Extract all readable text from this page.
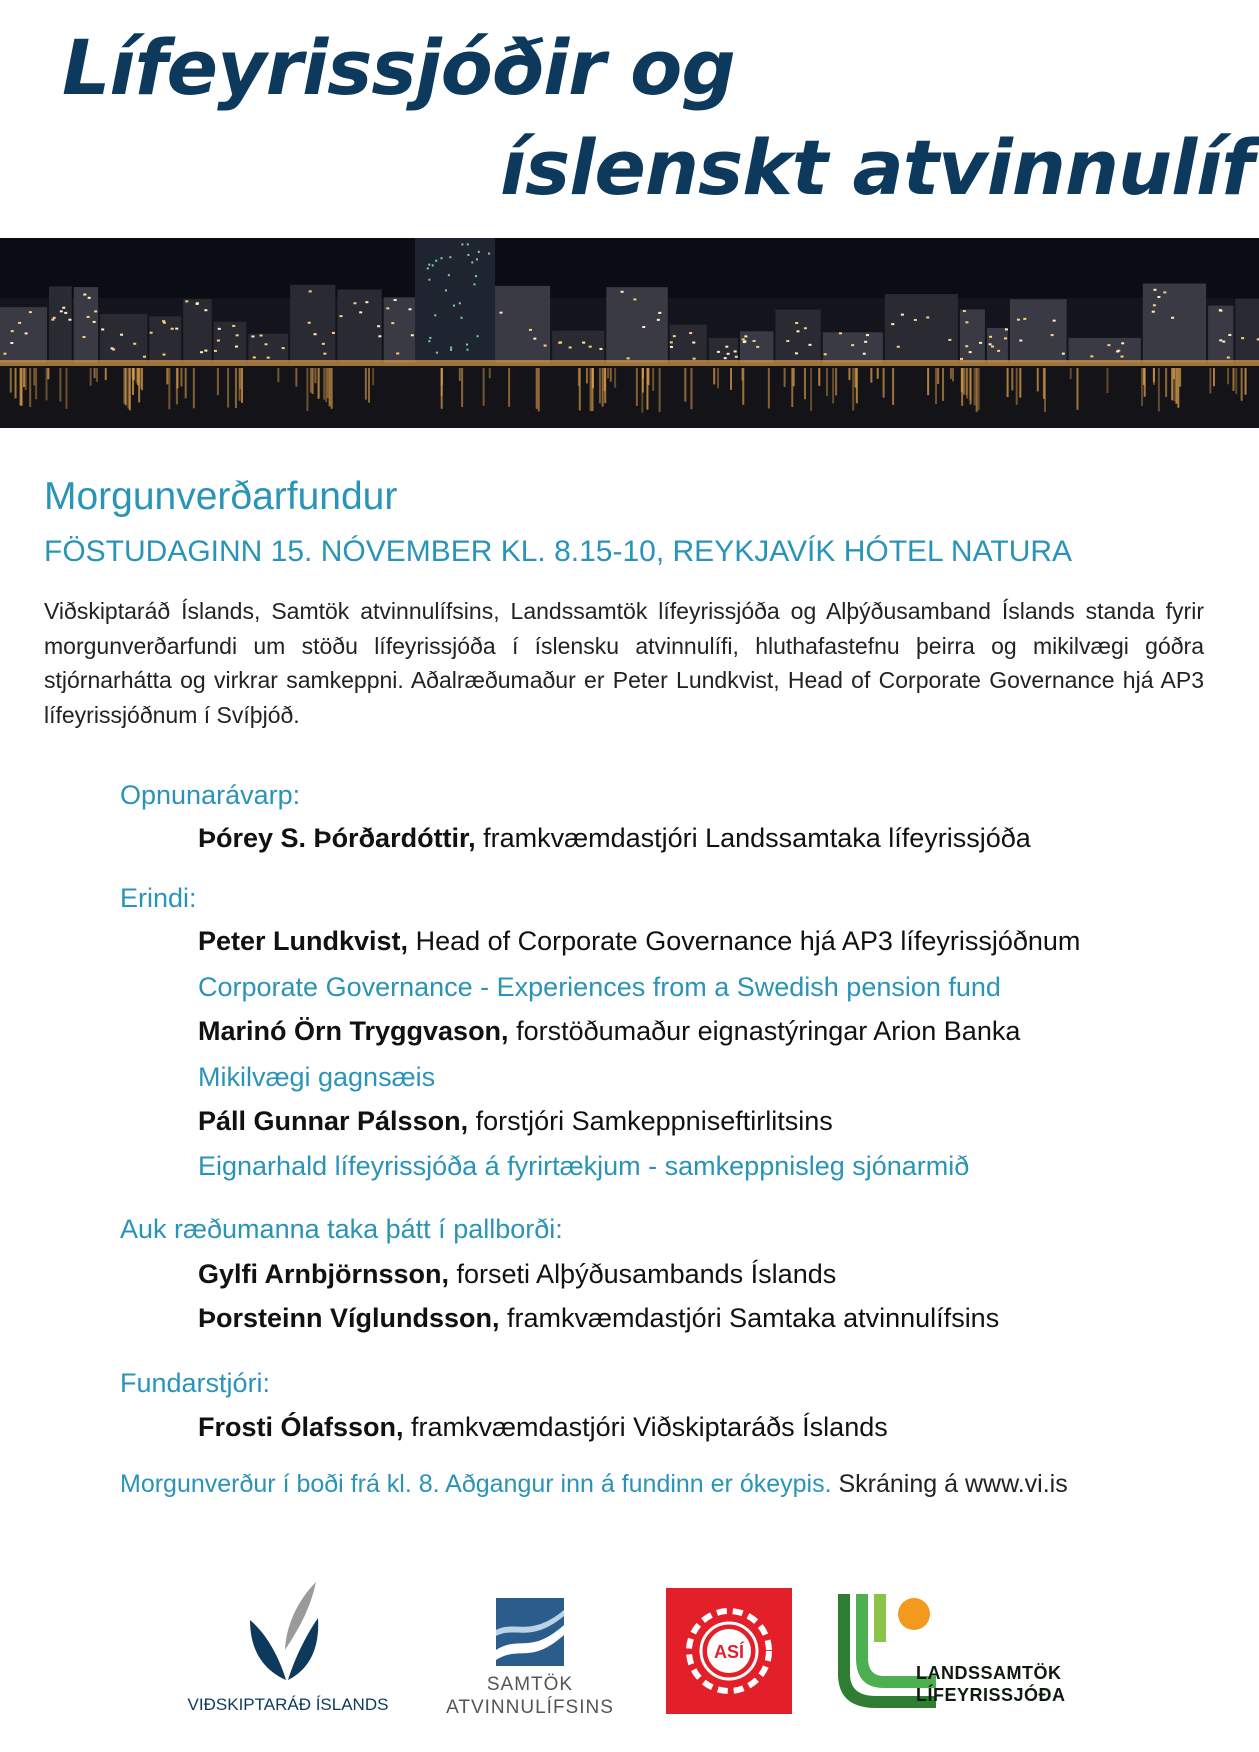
Lífeyrissjóðir og
íslenskt atvinnulíf
Morgunverðarfundur
FÖSTUDAGINN 15. NÓVEMBER KL. 8.15-10, REYKJAVÍK HÓTEL NATURA

Viðskiptaráð Íslands, Samtök atvinnulífsins, Landssamtök lífeyrissjóða og Alþýðusamband Íslands standa fyrir morgunverðarfundi um stöðu lífeyrissjóða í íslensku atvinnulífi, hluthafastefnu þeirra og mikilvægi góðra stjórnarhátta og virkrar samkeppni. Aðalræðumaður er Peter Lundkvist, Head of Corporate Governance hjá AP3 lífeyrissjóðnum í Svíþjóð.

Opnunarávarp:

Þórey S. Þórðardóttir, framkvæmdastjóri Landssamtaka lífeyrissjóða

Erindi:

Peter Lundkvist, Head of Corporate Governance hjá AP3 lífeyrissjóðnum

Corporate Governance - Experiences from a Swedish pension fund

Marinó Örn Tryggvason, forstöðumaður eignastýringar Arion Banka

Mikilvægi gagnsæis

Páll Gunnar Pálsson, forstjóri Samkeppniseftirlitsins

Eignarhald lífeyrissjóða á fyrirtækjum - samkeppnisleg sjónarmið

Auk ræðumanna taka þátt í pallborði:

Gylfi Arnbjörnsson, forseti Alþýðusambands Íslands

Þorsteinn Víglundsson, framkvæmdastjóri Samtaka atvinnulífsins

Fundarstjóri:

Frosti Ólafsson, framkvæmdastjóri Viðskiptaráðs Íslands

Morgunverður í boði frá kl. 8. Aðgangur inn á fundinn er ókeypis. Skráning á www.vi.is

VIÐSKIPTARÁÐ ÍSLANDS
SAMTÖK
ATVINNULÍFSINS
ASÍ
LANDSSAMTÖK
LÍFEYRISSJÓÐA
